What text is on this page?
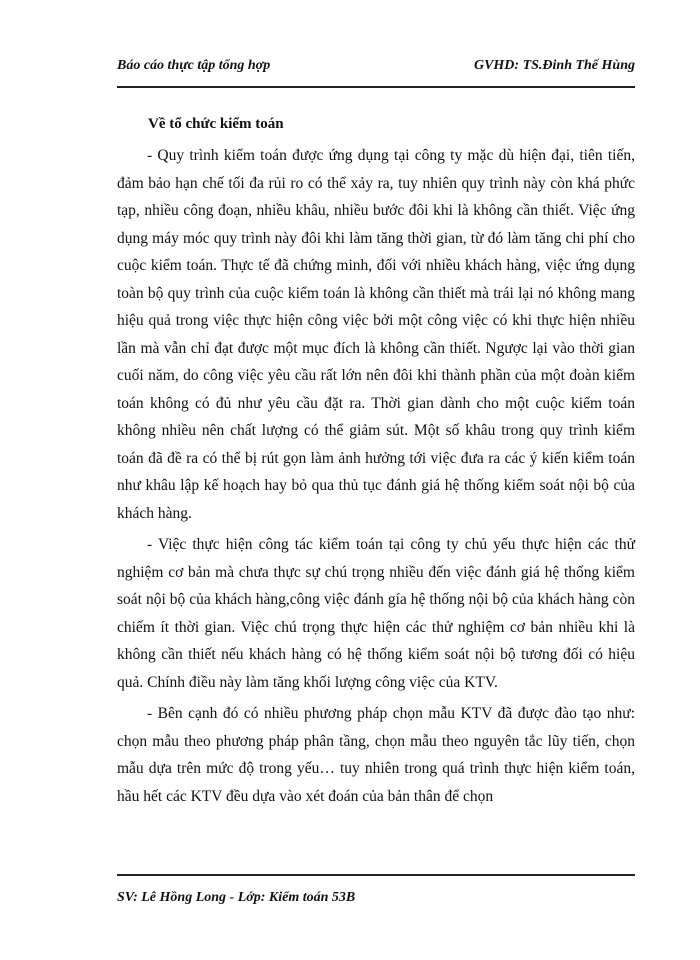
Báo cáo thực tập tổng hợp	GVHD: TS.Đinh Thế Hùng
Về tổ chức kiểm toán

- Quy trình kiểm toán được ứng dụng tại công ty mặc dù hiện đại, tiên tiến, đảm bảo hạn chế tối đa rủi ro có thể xảy ra, tuy nhiên quy trình này còn khá phức tạp, nhiều công đoạn, nhiều khâu, nhiều bước đôi khi là không cần thiết. Việc ứng dụng máy móc quy trình này đôi khi làm tăng thời gian, từ đó làm tăng chi phí cho cuộc kiểm toán. Thực tế đã chứng minh, đối với nhiều khách hàng, việc ứng dụng toàn bộ quy trình của cuộc kiểm toán là không cần thiết mà trái lại nó không mang hiệu quả trong việc thực hiện công việc bởi một công việc có khi thực hiện nhiều lần mà vẫn chỉ đạt được một mục đích là không cần thiết. Ngược lại vào thời gian cuối năm, do công việc yêu cầu rất lớn nên đôi khi thành phần của một đoàn kiểm toán không có đủ như yêu cầu đặt ra. Thời gian dành cho một cuộc kiểm toán không nhiều nên chất lượng có thể giảm sút. Một số khâu trong quy trình kiểm toán đã đề ra có thể bị rút gọn làm ảnh hưởng tới việc đưa ra các ý kiến kiểm toán như khâu lập kế hoạch hay bỏ qua thủ tục đánh giá hệ thống kiểm soát nội bộ của khách hàng.

- Việc thực hiện công tác kiểm toán tại công ty chủ yếu thực hiện các thử nghiệm cơ bản mà chưa thực sự chú trọng nhiều đến việc đánh giá hệ thống kiểm soát nội bộ của khách hàng,công việc đánh gía hệ thống nội bộ của khách hàng còn chiếm ít thời gian. Việc chú trọng thực hiện các thử nghiệm cơ bản nhiều khi là không cần thiết nếu khách hàng có hệ thống kiểm soát nội bộ tương đối có hiệu quả. Chính điều này làm tăng khối lượng công việc của KTV.

- Bên cạnh đó có nhiều phương pháp chọn mẫu KTV đã được đào tạo như: chọn mẫu theo phương pháp phân tầng, chọn mẫu theo nguyên tắc lũy tiến, chọn mẫu dựa trên mức độ trong yếu… tuy nhiên trong quá trình thực hiện kiểm toán, hầu hết các KTV đều dựa vào xét đoán của bản thân để chọn

SV: Lê Hồng Long - Lớp: Kiểm toán 53B
